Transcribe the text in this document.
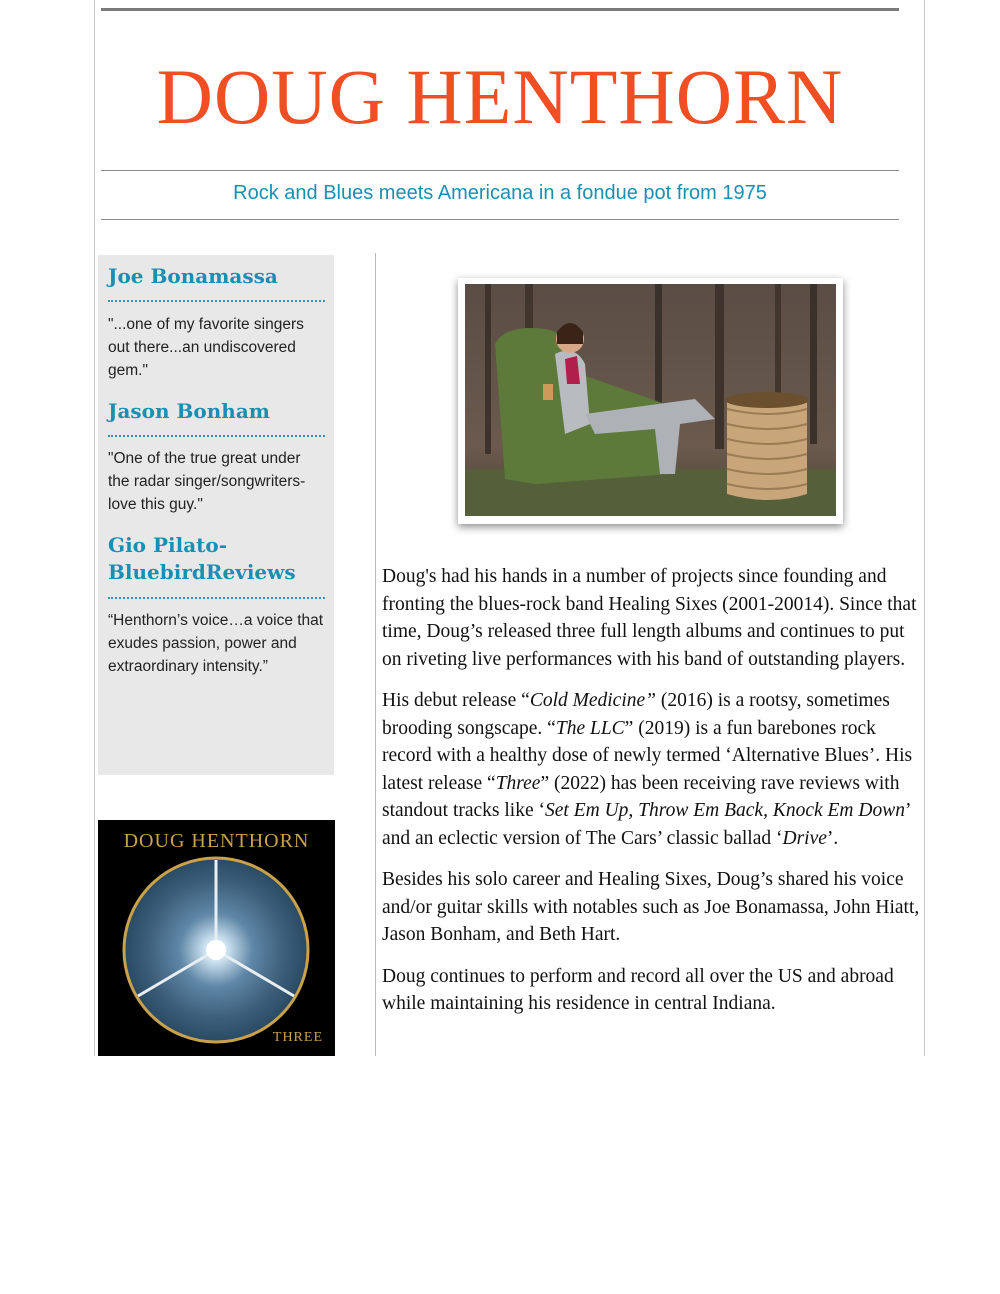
DOUG HENTHORN
Rock and Blues meets Americana in a fondue pot from 1975
Joe Bonamassa
"...one of my favorite singers out there...an undiscovered gem."
Jason Bonham
"One of the true great under the radar singer/songwriters- love this guy."
Gio Pilato- BluebirdReviews
“Henthorn’s voice…a voice that exudes passion, power and extraordinary intensity.”
DOUG HENTHORN
THREE

Doug's had his hands in a number of projects since founding and fronting the blues-rock band Healing Sixes (2001-20014). Since that time, Doug’s released three full length albums and continues to put on riveting live performances with his band of outstanding players.

His debut release “Cold Medicine” (2016) is a rootsy, sometimes brooding songscape. “The LLC” (2019) is a fun barebones rock record with a healthy dose of newly termed ‘Alternative Blues’. His latest release “Three” (2022) has been receiving rave reviews with standout tracks like ‘Set Em Up, Throw Em Back, Knock Em Down’ and an eclectic version of The Cars’ classic ballad ‘Drive’.

Besides his solo career and Healing Sixes, Doug’s shared his voice and/or guitar skills with notables such as Joe Bonamassa, John Hiatt, Jason Bonham, and Beth Hart.

Doug continues to perform and record all over the US and abroad while maintaining his residence in central Indiana.
